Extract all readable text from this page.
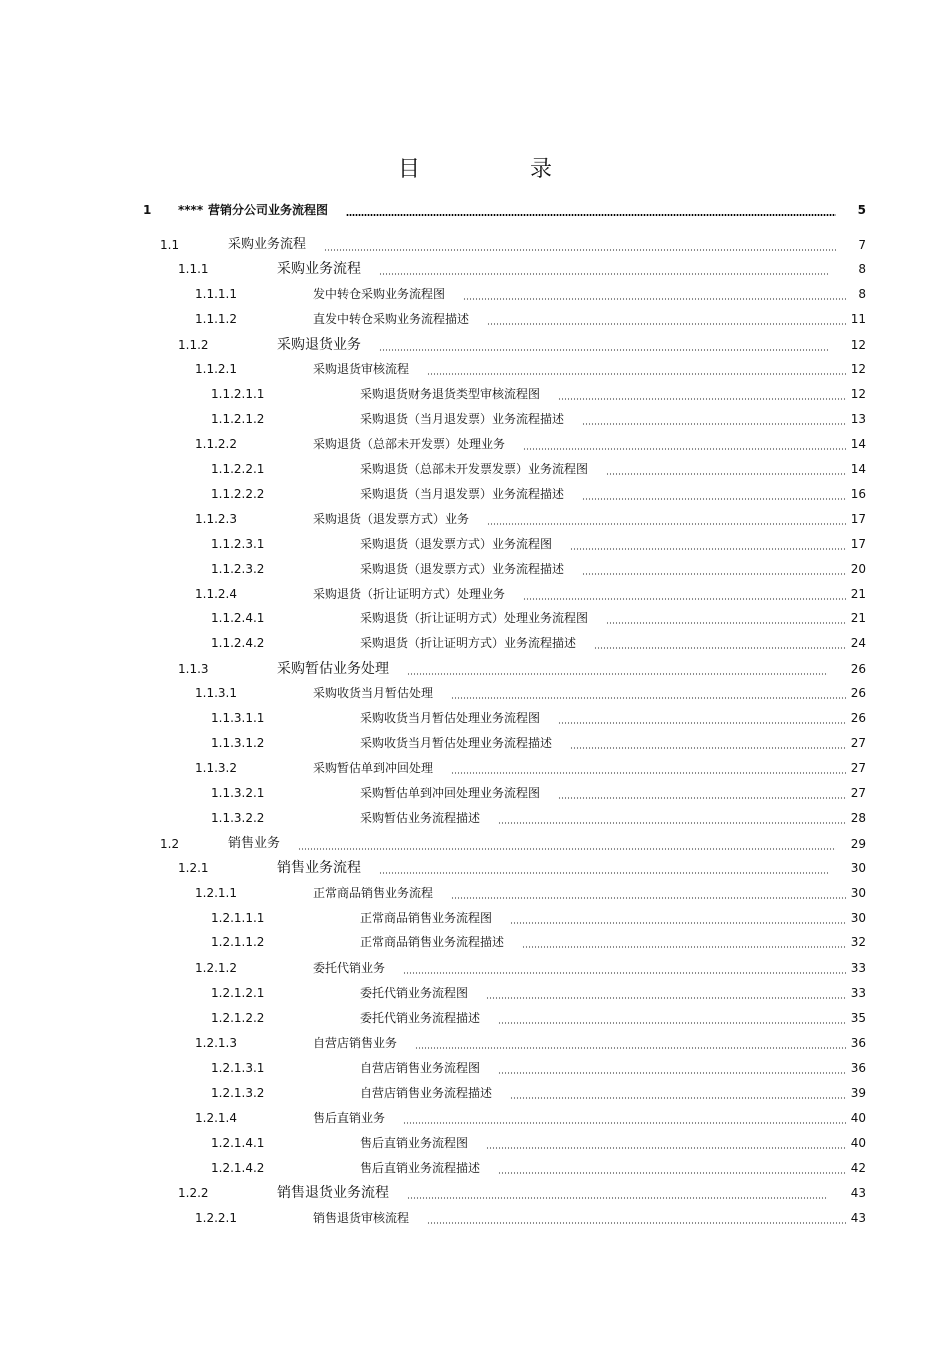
目　录
1 **** 营销分公司业务流程图	5
1.1	采购业务流程	7
1.1.1	采购业务流程	8
1.1.1.1	发中转仓采购业务流程图	8
1.1.1.2	直发中转仓采购业务流程描述	11
1.1.2	采购退货业务	12
1.1.2.1	采购退货审核流程	12
1.1.2.1.1	采购退货财务退货类型审核流程图	12
1.1.2.1.2	采购退货（当月退发票）业务流程描述	13
1.1.2.2	采购退货（总部未开发票）处理业务	14
1.1.2.2.1	采购退货（总部未开发票发票）业务流程图	14
1.1.2.2.2	采购退货（当月退发票）业务流程描述	16
1.1.2.3	采购退货（退发票方式）业务	17
1.1.2.3.1	采购退货（退发票方式）业务流程图	17
1.1.2.3.2	采购退货（退发票方式）业务流程描述	20
1.1.2.4	采购退货（折让证明方式）处理业务	21
1.1.2.4.1	采购退货（折让证明方式）处理业务流程图	21
1.1.2.4.2	采购退货（折让证明方式）业务流程描述	24
1.1.3	采购暂估业务处理	26
1.1.3.1	采购收货当月暂估处理	26
1.1.3.1.1	采购收货当月暂估处理业务流程图	26
1.1.3.1.2	采购收货当月暂估处理业务流程描述	27
1.1.3.2	采购暂估单到冲回处理	27
1.1.3.2.1	采购暂估单到冲回处理业务流程图	27
1.1.3.2.2	采购暂估业务流程描述	28
1.2	销售业务	29
1.2.1	销售业务流程	30
1.2.1.1	正常商品销售业务流程	30
1.2.1.1.1	正常商品销售业务流程图	30
1.2.1.1.2	正常商品销售业务流程描述	32
1.2.1.2	委托代销业务	33
1.2.1.2.1	委托代销业务流程图	33
1.2.1.2.2	委托代销业务流程描述	35
1.2.1.3	自营店销售业务	36
1.2.1.3.1	自营店销售业务流程图	36
1.2.1.3.2	自营店销售业务流程描述	39
1.2.1.4	售后直销业务	40
1.2.1.4.1	售后直销业务流程图	40
1.2.1.4.2	售后直销业务流程描述	42
1.2.2	销售退货业务流程	43
1.2.2.1	销售退货审核流程	43
